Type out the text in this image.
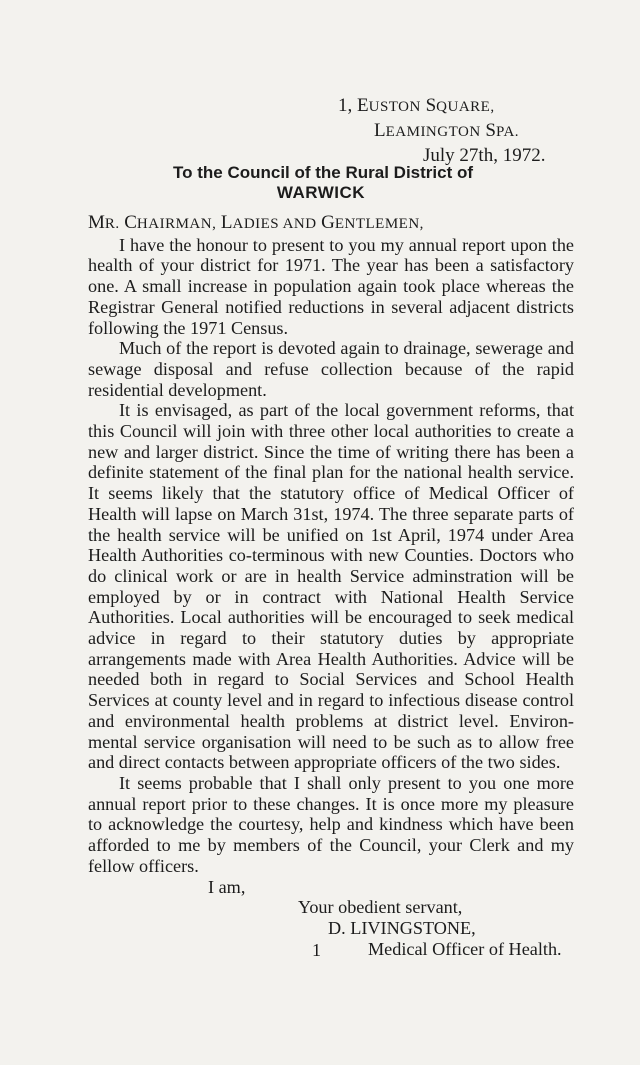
1, EUSTON SQUARE,
LEAMINGTON SPA.
July 27th, 1972.
To the Council of the Rural District of
WARWICK

MR. CHAIRMAN, LADIES AND GENTLEMEN,

I have the honour to present to you my annual report upon the health of your district for 1971. The year has been a satisfactory one. A small increase in population again took place whereas the Registrar General notified reductions in several adjacent districts following the 1971 Census.

Much of the report is devoted again to drainage, sewerage and sewage disposal and refuse collection because of the rapid residential development.

It is envisaged, as part of the local government reforms, that this Council will join with three other local authorities to create a new and larger district. Since the time of writing there has been a definite statement of the final plan for the national health service. It seems likely that the statutory office of Medical Officer of Health will lapse on March 31st, 1974. The three separate parts of the health service will be unified on 1st April, 1974 under Area Health Authorities co-terminous with new Counties. Doctors who do clinical work or are in health Service adminstration will be employed by or in contract with National Health Service Authorities. Local authorities will be encouraged to seek medical advice in regard to their statutory duties by appropriate arrangements made with Area Health Authorities. Advice will be needed both in regard to Social Services and School Health Services at county level and in regard to infectious disease control and environmental health problems at district level. Environ- mental service organisation will need to be such as to allow free and direct contacts between appropriate officers of the two sides.

It seems probable that I shall only present to you one more annual report prior to these changes. It is once more my pleasure to acknowledge the courtesy, help and kindness which have been afforded to me by members of the Council, your Clerk and my fellow officers.

I am,
Your obedient servant,
D. LIVINGSTONE,
Medical Officer of Health.
1
